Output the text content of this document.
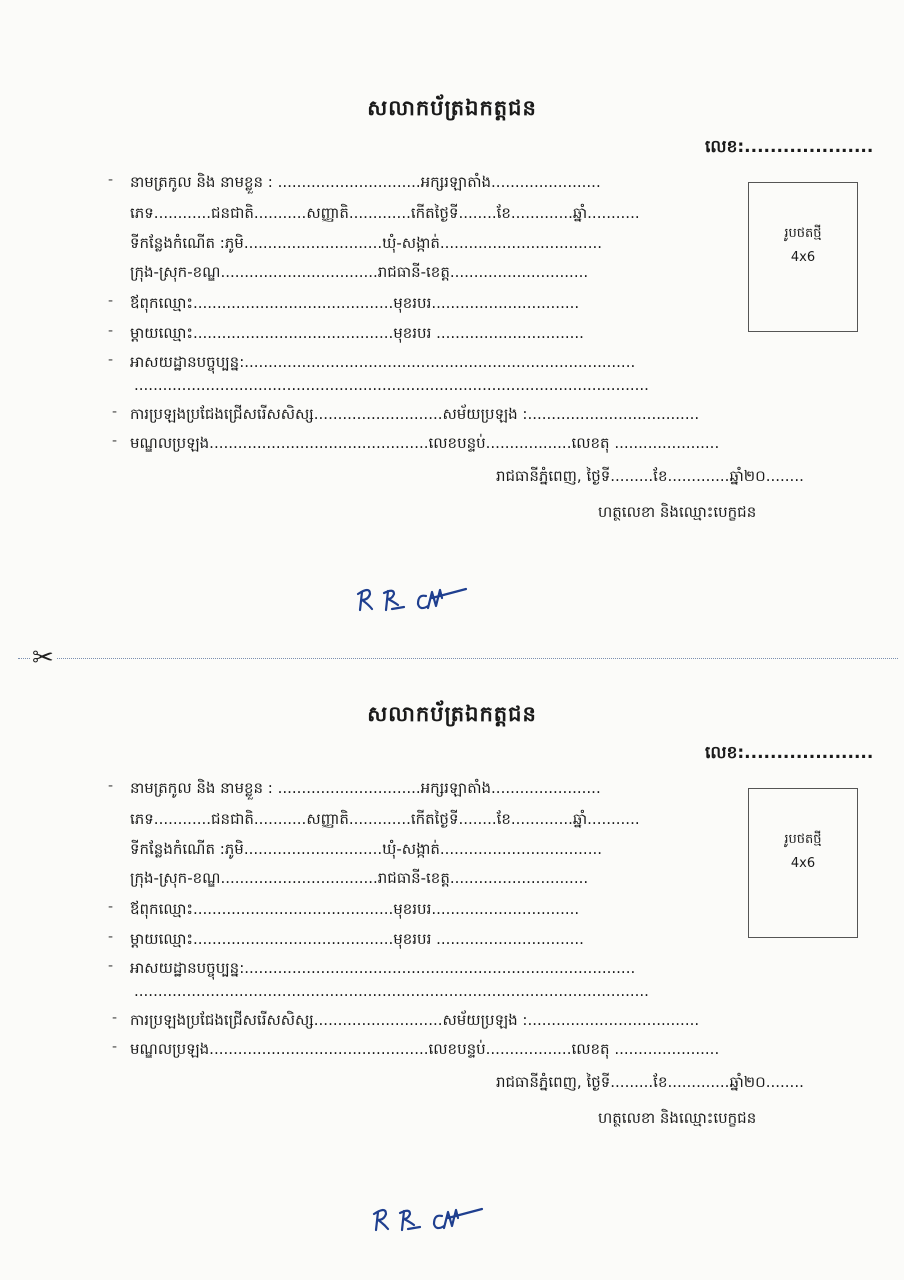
សលាកប័ត្រឯកត្តជន
លេខ:....................
- នាមត្រកូល និង នាមខ្លួន : ..............................អក្សរឡាតាំង.......................
ភេទ............ជនជាតិ...........សញ្ញាតិ.............កើតថ្ងៃទី........ខែ.............ឆ្នាំ...........
ទីកន្លែងកំណើត :ភូមិ.............................ឃុំ-សង្កាត់..................................
ក្រុង-ស្រុក-ខណ្ឌ.................................រាជធានី-ខេត្ត.............................
- ឪពុកឈ្មោះ..........................................មុខរបរ...............................
- ម្តាយឈ្មោះ..........................................មុខរបរ ...............................
- អាសយដ្ឋានបច្ចុប្បន្ន:..................................................................................
............................................................................................................
- ការប្រឡងប្រជែងជ្រើសរើសសិស្ស...........................សម័យប្រឡង :....................................
- មណ្ឌលប្រឡង..............................................លេខបន្ទប់..................លេខតុ ......................
រូបថតថ្មី
4x6
រាជធានីភ្នំពេញ, ថ្ងៃទី.........ខែ.............ឆ្នាំ២០........
ហត្ថលេខា និងឈ្មោះបេក្ខជន
✂
សលាកប័ត្រឯកត្តជន
លេខ:....................
- នាមត្រកូល និង នាមខ្លួន : ..............................អក្សរឡាតាំង.......................
ភេទ............ជនជាតិ...........សញ្ញាតិ.............កើតថ្ងៃទី........ខែ.............ឆ្នាំ...........
ទីកន្លែងកំណើត :ភូមិ.............................ឃុំ-សង្កាត់..................................
ក្រុង-ស្រុក-ខណ្ឌ.................................រាជធានី-ខេត្ត.............................
- ឪពុកឈ្មោះ..........................................មុខរបរ...............................
- ម្តាយឈ្មោះ..........................................មុខរបរ ...............................
- អាសយដ្ឋានបច្ចុប្បន្ន:..................................................................................
............................................................................................................
- ការប្រឡងប្រជែងជ្រើសរើសសិស្ស...........................សម័យប្រឡង :....................................
- មណ្ឌលប្រឡង..............................................លេខបន្ទប់..................លេខតុ ......................
រូបថតថ្មី
4x6
រាជធានីភ្នំពេញ, ថ្ងៃទី.........ខែ.............ឆ្នាំ២០........
ហត្ថលេខា និងឈ្មោះបេក្ខជន
